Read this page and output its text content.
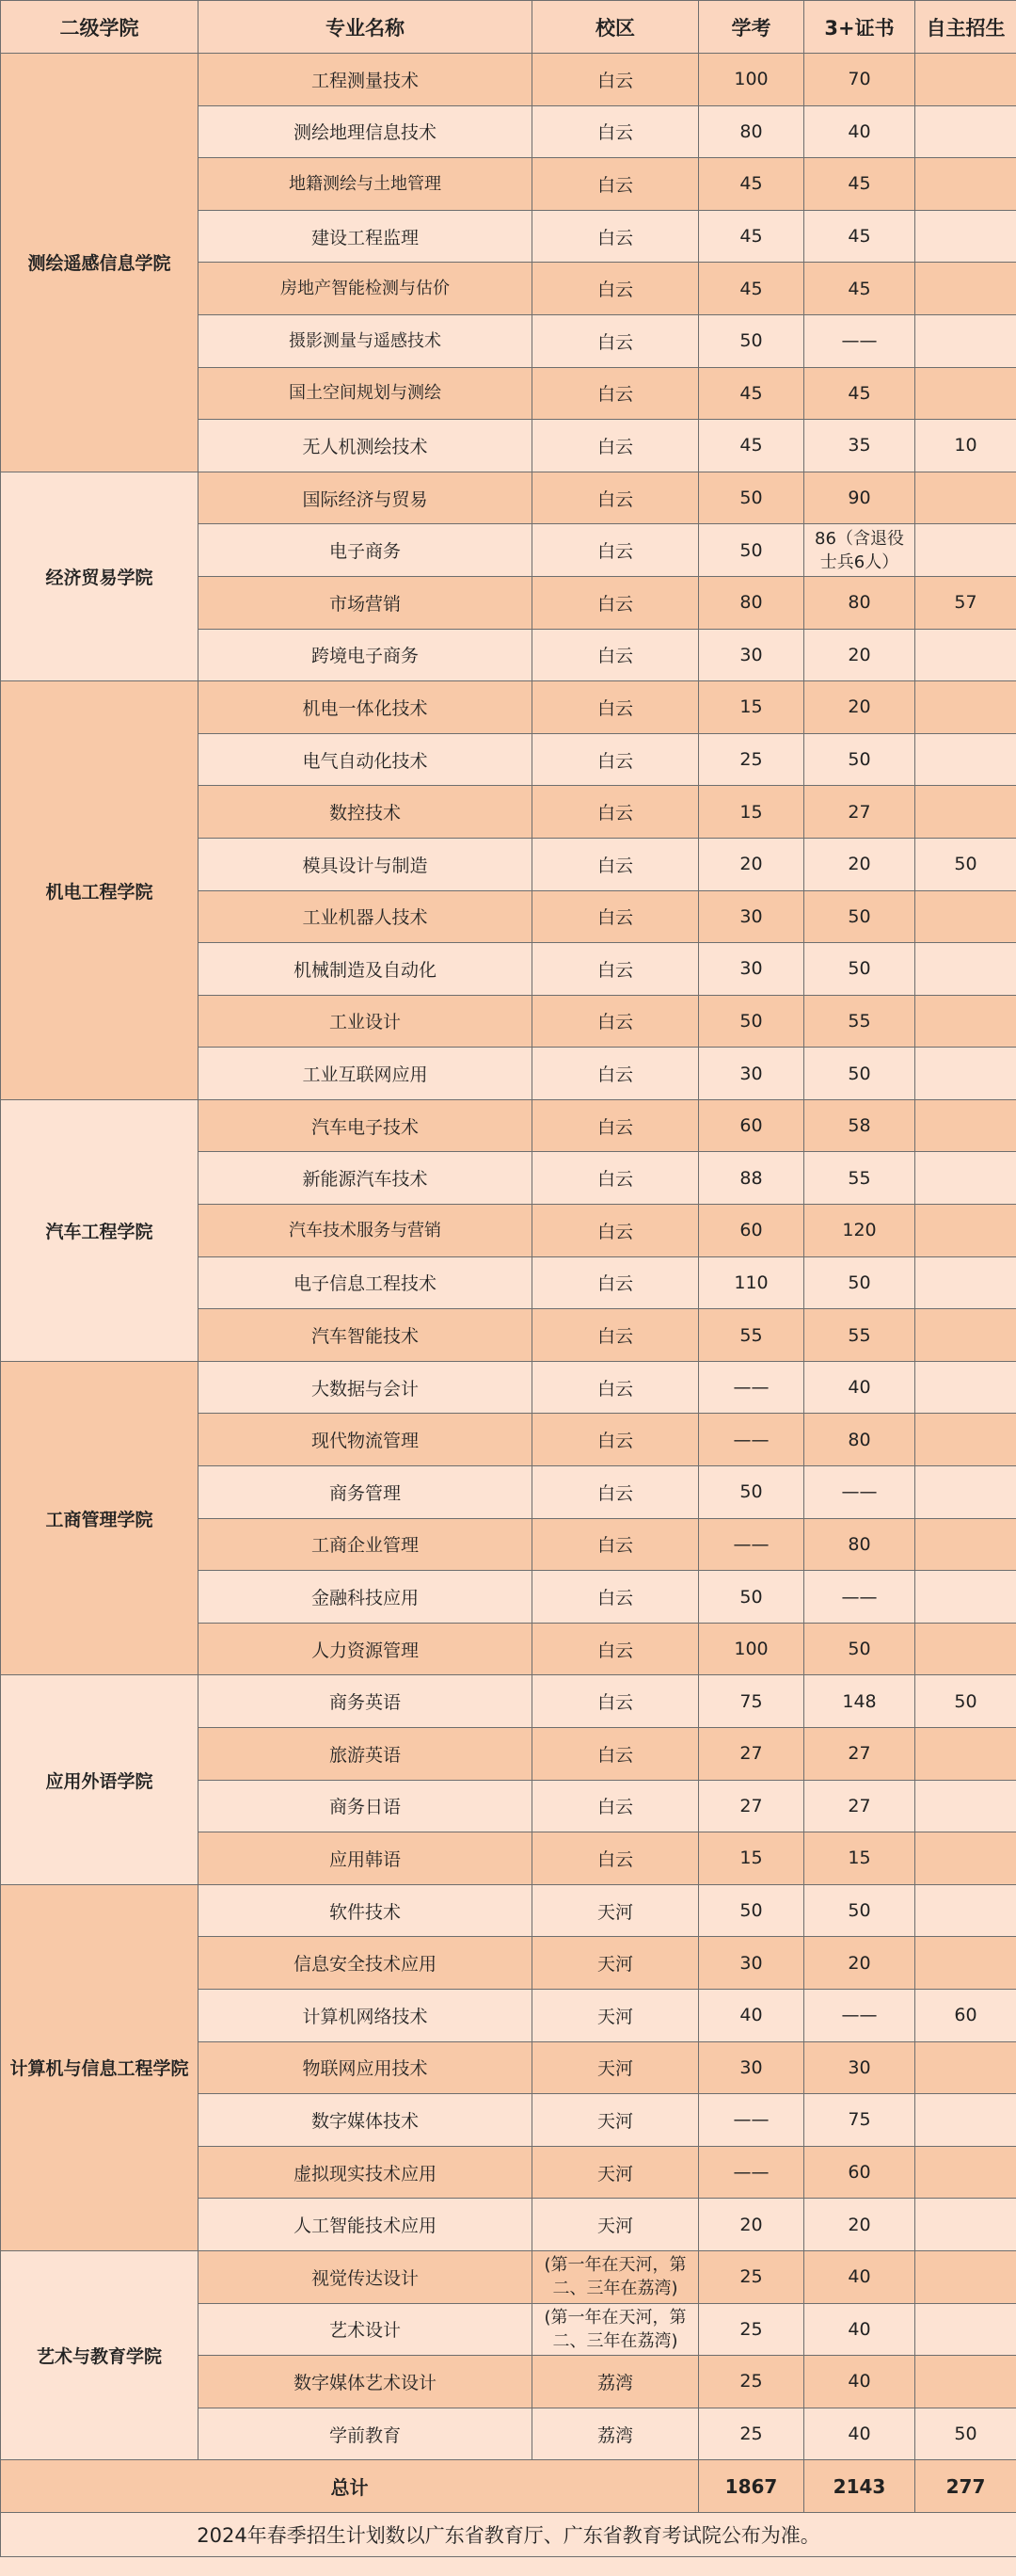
二级学院	专业名称	校区	学考	3+证书	自主招生
测绘遥感信息学院	工程测量技术	白云	100	70	
	测绘地理信息技术	白云	80	40	
	地籍测绘与土地管理	白云	45	45	
	建设工程监理	白云	45	45	
	房地产智能检测与估价	白云	45	45	
	摄影测量与遥感技术	白云	50	——	
	国土空间规划与测绘	白云	45	45	
	无人机测绘技术	白云	45	35	10
经济贸易学院	国际经济与贸易	白云	50	90	
	电子商务	白云	50	86（含退役士兵6人）	
	市场营销	白云	80	80	57
	跨境电子商务	白云	30	20	
机电工程学院	机电一体化技术	白云	15	20	
	电气自动化技术	白云	25	50	
	数控技术	白云	15	27	
	模具设计与制造	白云	20	20	50
	工业机器人技术	白云	30	50	
	机械制造及自动化	白云	30	50	
	工业设计	白云	50	55	
	工业互联网应用	白云	30	50	
汽车工程学院	汽车电子技术	白云	60	58	
	新能源汽车技术	白云	88	55	
	汽车技术服务与营销	白云	60	120	
	电子信息工程技术	白云	110	50	
	汽车智能技术	白云	55	55	
工商管理学院	大数据与会计	白云	——	40	
	现代物流管理	白云	——	80	
	商务管理	白云	50	——	
	工商企业管理	白云	——	80	
	金融科技应用	白云	50	——	
	人力资源管理	白云	100	50	
应用外语学院	商务英语	白云	75	148	50
	旅游英语	白云	27	27	
	商务日语	白云	27	27	
	应用韩语	白云	15	15	
计算机与信息工程学院	软件技术	天河	50	50	
	信息安全技术应用	天河	30	20	
	计算机网络技术	天河	40	——	60
	物联网应用技术	天河	30	30	
	数字媒体技术	天河	——	75	
	虚拟现实技术应用	天河	——	60	
	人工智能技术应用	天河	20	20	
艺术与教育学院	视觉传达设计	(第一年在天河，第二、三年在荔湾)	25	40	
	艺术设计	(第一年在天河，第二、三年在荔湾)	25	40	
	数字媒体艺术设计	荔湾	25	40	
	学前教育	荔湾	25	40	50
总计			1867	2143	277
2024年春季招生计划数以广东省教育厅、广东省教育考试院公布为准。					
